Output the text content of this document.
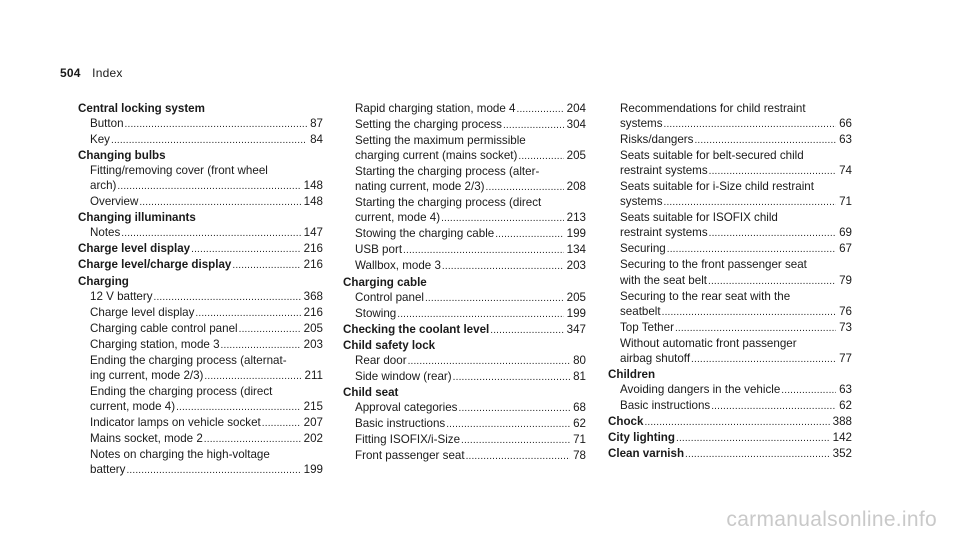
504 Index
Central locking system
Button . . .	87
Key . . .	84
Changing bulbs
Fitting/removing cover (front wheel
arch) . . .	148
Overview . . .	148
Changing illuminants
Notes . . .	147
Charge level display . . .	216
Charge level/charge display . . .	216
Charging
12 V battery . . .	368
Charge level display . . .	216
Charging cable control panel . . .	205
Charging station, mode 3 . . .	203
Ending the charging process (alternat-
ing current, mode 2/3) . . .	211
Ending the charging process (direct
current, mode 4) . . .	215
Indicator lamps on vehicle socket . . .	207
Mains socket, mode 2 . . .	202
Notes on charging the high-voltage
battery . . .	199
Rapid charging station, mode 4 . . .	204
Setting the charging process . . .	304
Setting the maximum permissible
charging current (mains socket) . . .	205
Starting the charging process (alter-
nating current, mode 2/3) . . .	208
Starting the charging process (direct
current, mode 4) . . .	213
Stowing the charging cable . . .	199
USB port . . .	134
Wallbox, mode 3 . . .	203
Charging cable
Control panel . . .	205
Stowing . . .	199
Checking the coolant level . . .	347
Child safety lock
Rear door . . .	80
Side window (rear) . . .	81
Child seat
Approval categories . . .	68
Basic instructions . . .	62
Fitting ISOFIX/i-Size . . .	71
Front passenger seat . . .	78
Recommendations for child restraint
systems . . .	66
Risks/dangers . . .	63
Seats suitable for belt-secured child
restraint systems . . .	74
Seats suitable for i-Size child restraint
systems . . .	71
Seats suitable for ISOFIX child
restraint systems . . .	69
Securing . . .	67
Securing to the front passenger seat
with the seat belt . . .	79
Securing to the rear seat with the
seatbelt . . .	76
Top Tether . . .	73
Without automatic front passenger
airbag shutoff . . .	77
Children
Avoiding dangers in the vehicle . . .	63
Basic instructions . . .	62
Chock . . .	388
City lighting . . .	142
Clean varnish . . .	352
carmanualsonline.info
